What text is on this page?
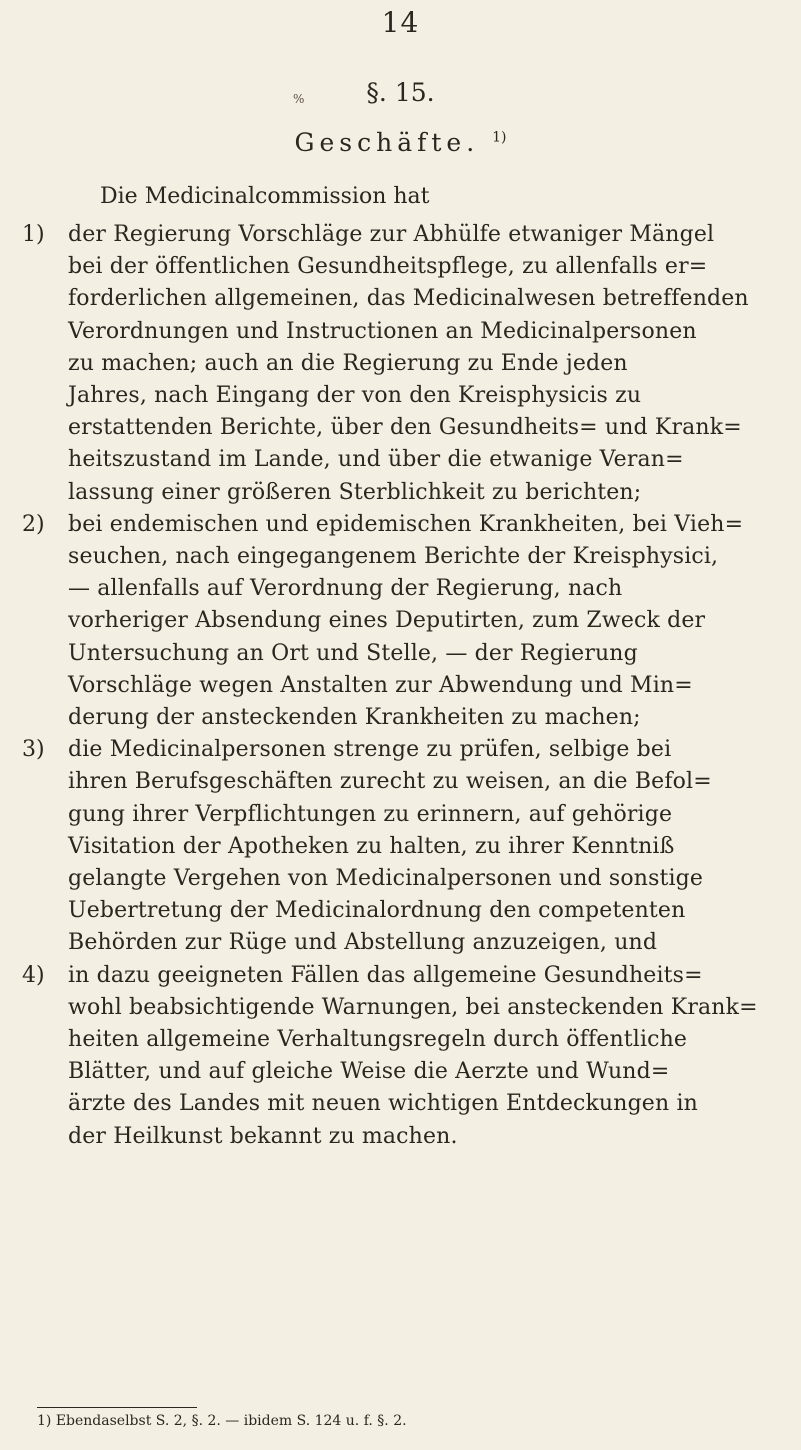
14
%	§. 15.
Geschäfte. $^{1)}$
Die Medicinalcommission hat
1)	der Regierung Vorschläge zur Abhülfe etwaniger Mängel
bei der öffentlichen Gesundheitspflege, zu allenfalls er=
forderlichen allgemeinen, das Medicinalwesen betreffenden
Verordnungen und Instructionen an Medicinalpersonen
zu machen; auch an die Regierung zu Ende jeden
Jahres, nach Eingang der von den Kreisphysicis zu
erstattenden Berichte, über den Gesundheits= und Krank=
heitszustand im Lande, und über die etwanige Veran=
lassung einer größeren Sterblichkeit zu berichten;
2)	bei endemischen und epidemischen Krankheiten, bei Vieh=
seuchen, nach eingegangenem Berichte der Kreisphysici,
— allenfalls auf Verordnung der Regierung, nach
vorheriger Absendung eines Deputirten, zum Zweck der
Untersuchung an Ort und Stelle, — der Regierung
Vorschläge wegen Anstalten zur Abwendung und Min=
derung der ansteckenden Krankheiten zu machen;
3)	die Medicinalpersonen strenge zu prüfen, selbige bei
ihren Berufsgeschäften zurecht zu weisen, an die Befol=
gung ihrer Verpflichtungen zu erinnern, auf gehörige
Visitation der Apotheken zu halten, zu ihrer Kenntniß
gelangte Vergehen von Medicinalpersonen und sonstige
Uebertretung der Medicinalordnung den competenten
Behörden zur Rüge und Abstellung anzuzeigen, und
4)	in dazu geeigneten Fällen das allgemeine Gesundheits=
wohl beabsichtigende Warnungen, bei ansteckenden Krank=
heiten allgemeine Verhaltungsregeln durch öffentliche
Blätter, und auf gleiche Weise die Aerzte und Wund=
ärzte des Landes mit neuen wichtigen Entdeckungen in
der Heilkunst bekannt zu machen.
1) Ebendaselbst S. 2, §. 2. — ibidem S. 124 u. f. §. 2.
